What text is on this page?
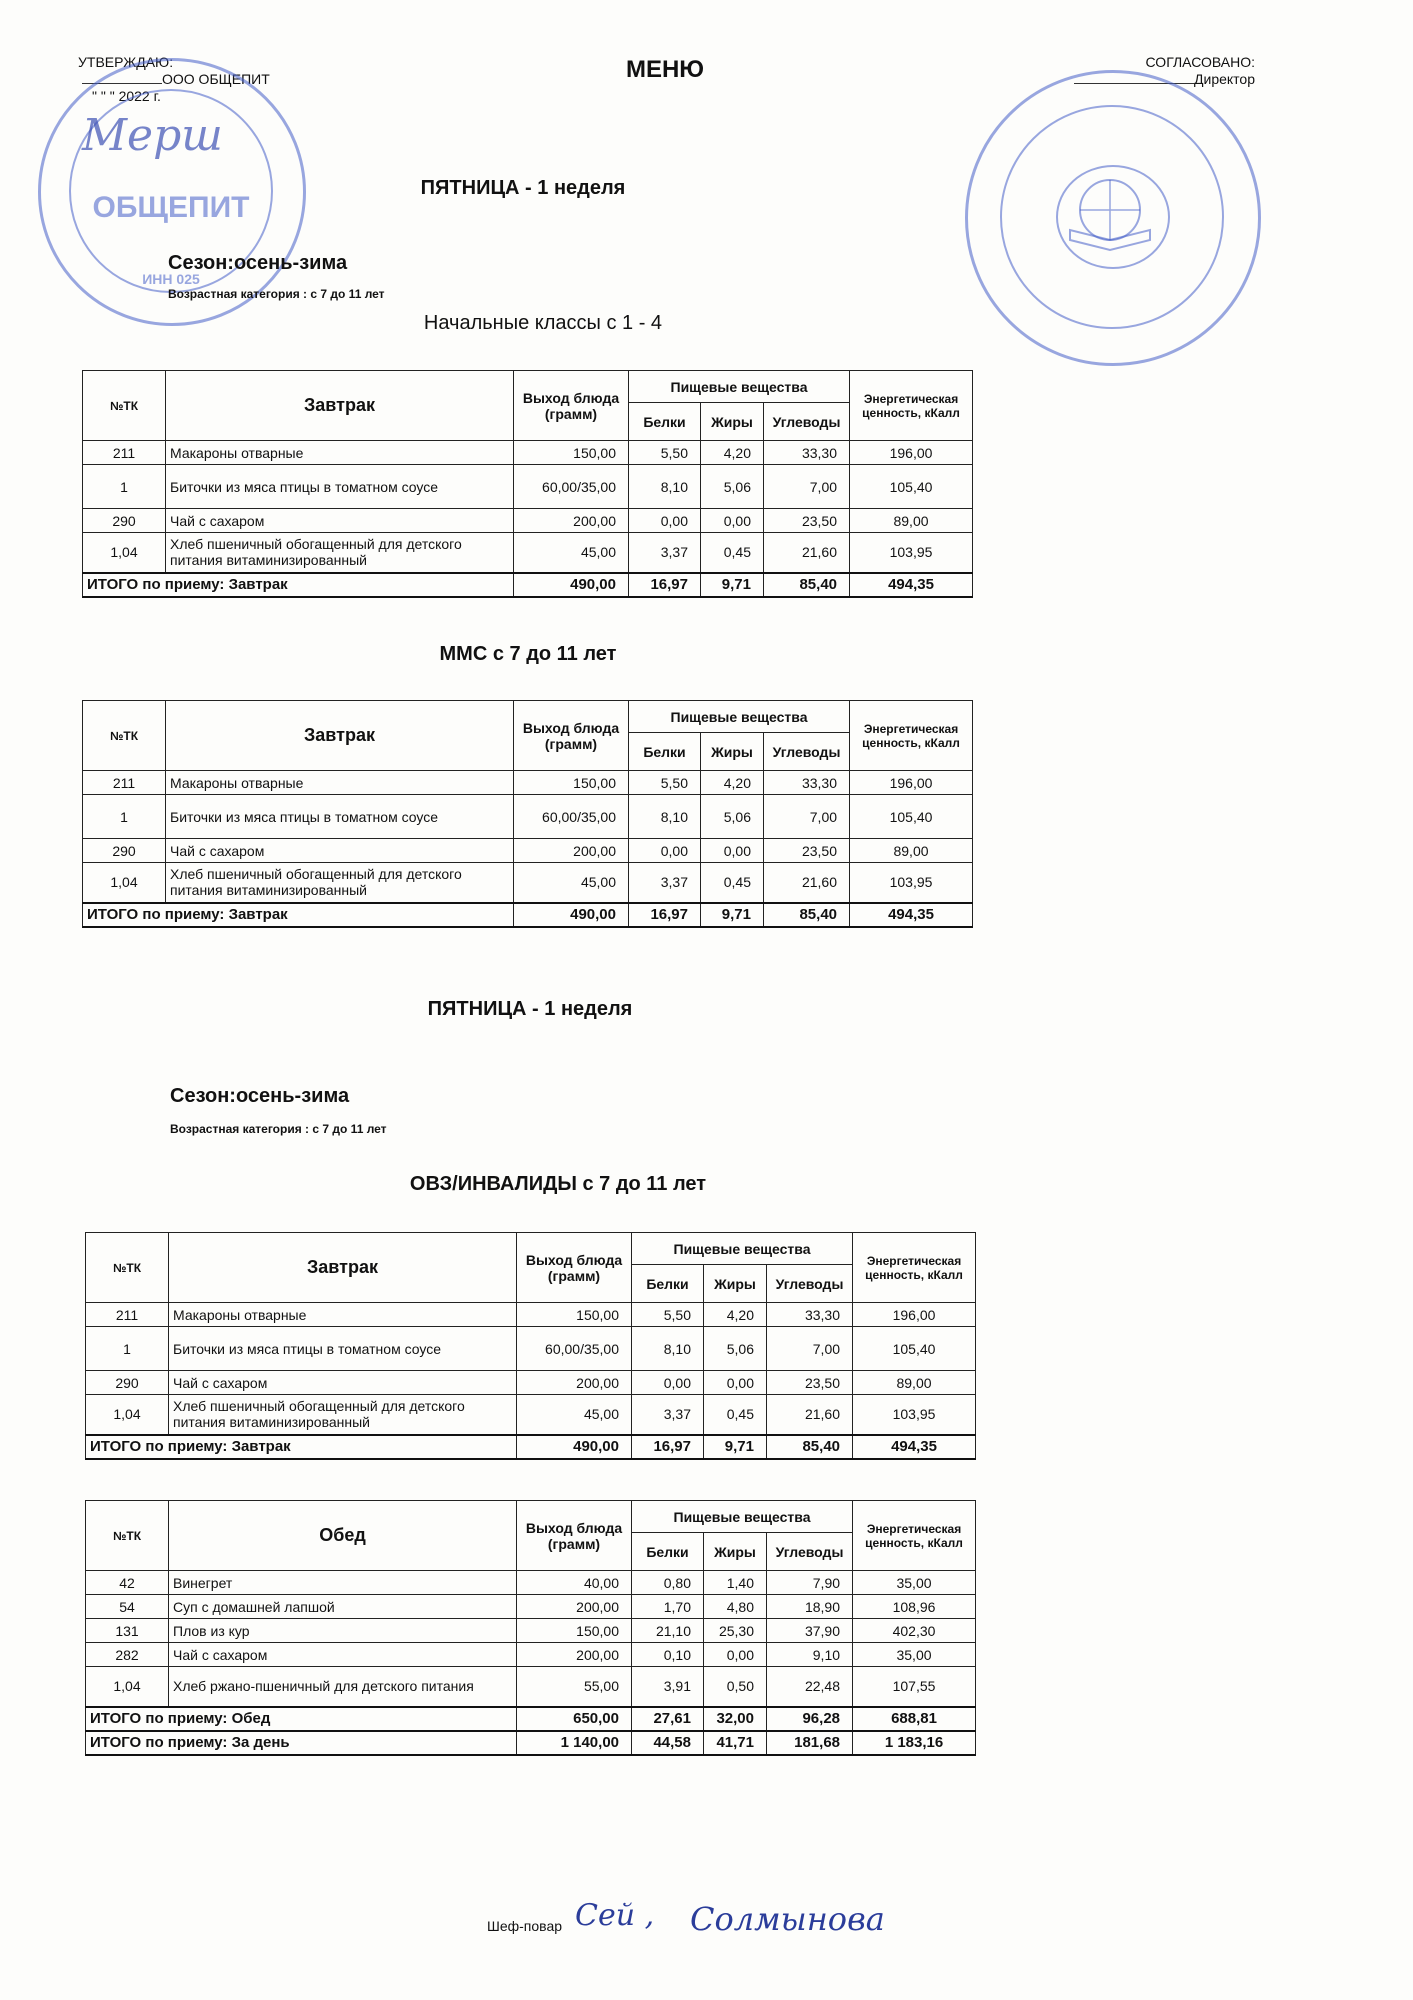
УТВЕРЖДАЮ:
ООО ОБЩЕПИТ
" " " 2022 г.
МЕНЮ	СОГЛАСОВАНО:
Директор
ОБЩЕПИТ
ИНН 025
Мерш
ПЯТНИЦА - 1 неделя
Сезон:осень-зима
Возрастная категория : с 7 до 11 лет
Начальные классы с 1 - 4
№ТК	Завтрак	Выход блюда (грамм)	Пищевые вещества			Энергетическая ценность, кКалл
			Белки	Жиры	Углеводы	
211	Макароны отварные	150,00	5,50	4,20	33,30	196,00
1	Биточки из мяса птицы в томатном соусе	60,00/35,00	8,10	5,06	7,00	105,40
290	Чай с сахаром	200,00	0,00	0,00	23,50	89,00
1,04	Хлеб пшеничный обогащенный для детского питания витаминизированный	45,00	3,37	0,45	21,60	103,95
ИТОГО по приему: Завтрак		490,00	16,97	9,71	85,40	494,35
ММС с 7 до 11 лет
№ТК	Завтрак	Выход блюда (грамм)	Пищевые вещества			Энергетическая ценность, кКалл
			Белки	Жиры	Углеводы	
211	Макароны отварные	150,00	5,50	4,20	33,30	196,00
1	Биточки из мяса птицы в томатном соусе	60,00/35,00	8,10	5,06	7,00	105,40
290	Чай с сахаром	200,00	0,00	0,00	23,50	89,00
1,04	Хлеб пшеничный обогащенный для детского питания витаминизированный	45,00	3,37	0,45	21,60	103,95
ИТОГО по приему: Завтрак		490,00	16,97	9,71	85,40	494,35
ПЯТНИЦА - 1 неделя
Сезон:осень-зима
Возрастная категория : с 7 до 11 лет
ОВЗ/ИНВАЛИДЫ с 7 до 11 лет
№ТК	Завтрак	Выход блюда (грамм)	Пищевые вещества			Энергетическая ценность, кКалл
			Белки	Жиры	Углеводы	
211	Макароны отварные	150,00	5,50	4,20	33,30	196,00
1	Биточки из мяса птицы в томатном соусе	60,00/35,00	8,10	5,06	7,00	105,40
290	Чай с сахаром	200,00	0,00	0,00	23,50	89,00
1,04	Хлеб пшеничный обогащенный для детского питания витаминизированный	45,00	3,37	0,45	21,60	103,95
ИТОГО по приему: Завтрак		490,00	16,97	9,71	85,40	494,35
№ТК	Обед	Выход блюда (грамм)	Пищевые вещества			Энергетическая ценность, кКалл
			Белки	Жиры	Углеводы	
42	Винегрет	40,00	0,80	1,40	7,90	35,00
54	Суп с домашней лапшой	200,00	1,70	4,80	18,90	108,96
131	Плов из кур	150,00	21,10	25,30	37,90	402,30
282	Чай с сахаром	200,00	0,10	0,00	9,10	35,00
1,04	Хлеб ржано-пшеничный для детского питания	55,00	3,91	0,50	22,48	107,55
ИТОГО по приему: Обед		650,00	27,61	32,00	96,28	688,81
ИТОГО по приему: За день		1 140,00	44,58	41,71	181,68	1 183,16
Шеф-повар	Солмынова
Сей ,
